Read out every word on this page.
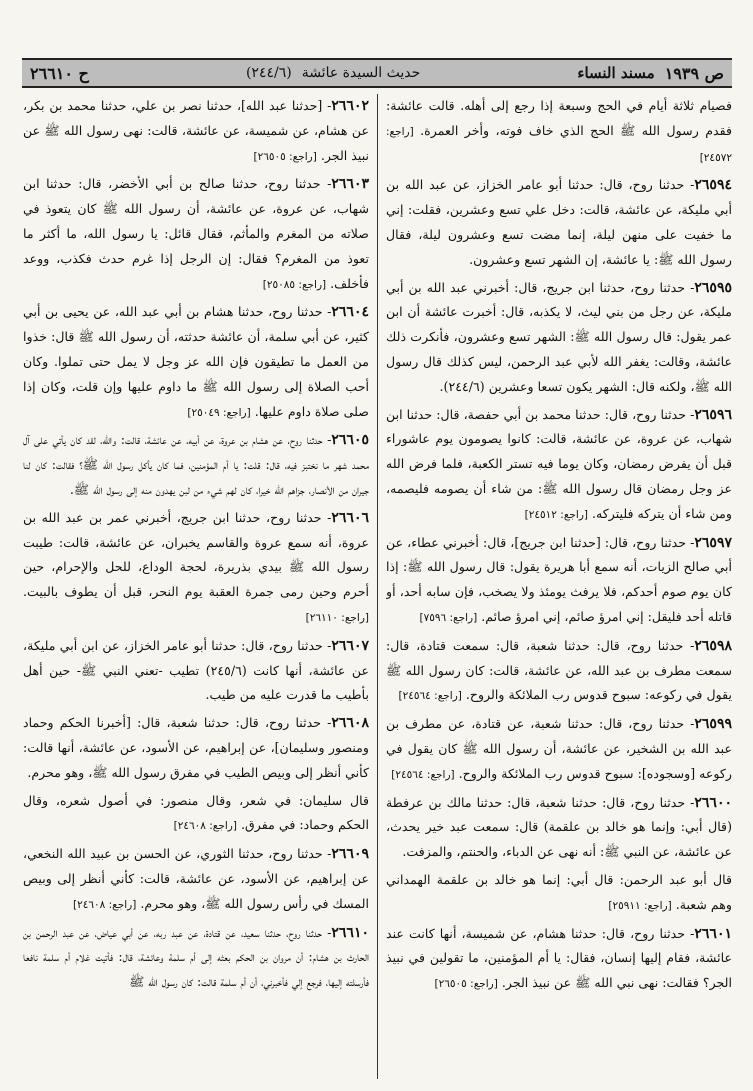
ص ١٩٣٩
مسند النساء
حديث السيدة عائشة
(٢٤٤/٦)
ح ٢٦٦١٠
فصيام ثلاثة أيام في الحج وسبعة إذا رجع إلى أهله. قالت عائشة: فقدم رسول الله ﷺ الحج الذي خاف فوته، وأخر العمرة. [راجع: ٢٤٥٧٢]
٢٦٥٩٤- حدثنا روح، قال: حدثنا أبو عامر الخزاز، عن عبد الله بن أبي مليكة، عن عائشة، قالت: دخل علي تسع وعشرين، فقلت: إني ما خفيت على منهن ليلة، إنما مضت تسع وعشرون ليلة، فقال رسول الله ﷺ: يا عائشة، إن الشهر تسع وعشرون.
٢٦٥٩٥- حدثنا روح، حدثنا ابن جريج، قال: أخبرني عبد الله بن أبي مليكة، عن رجل من بني ليث، لا يكذبه، قال: أخبرت عائشة أن ابن عمر يقول: قال رسول الله ﷺ: الشهر تسع وعشرون، فأنكرت ذلك عائشة، وقالت: يغفر الله لأبي عبد الرحمن، ليس كذلك قال رسول الله ﷺ، ولكنه قال: الشهر يكون تسعا وعشرين (٢٤٤/٦).
٢٦٥٩٦- حدثنا روح، قال: حدثنا محمد بن أبي حفصة، قال: حدثنا ابن شهاب، عن عروة، عن عائشة، قالت: كانوا يصومون يوم عاشوراء قبل أن يفرض رمضان، وكان يوما فيه تستر الكعبة، فلما فرض الله عز وجل رمضان قال رسول الله ﷺ: من شاء أن يصومه فليصمه، ومن شاء أن يتركه فليتركه. [راجع: ٢٤٥١٢]
٢٦٥٩٧- حدثنا روح، قال: [حدثنا ابن جريج]، قال: أخبرني عطاء، عن أبي صالح الزيات، أنه سمع أبا هريرة يقول: قال رسول الله ﷺ: إذا كان يوم صوم أحدكم، فلا يرفث يومئذ ولا يصخب، فإن سابه أحد، أو قاتله أحد فليقل: إني امرؤ صائم، إني امرؤ صائم. [راجع: ٧٥٩٦]
٢٦٥٩٨- حدثنا روح، قال: حدثنا شعبة، قال: سمعت قتادة، قال: سمعت مطرف بن عبد الله، عن عائشة، قالت: كان رسول الله ﷺ يقول في ركوعه: سبوح قدوس رب الملائكة والروح. [راجع: ٢٤٥٦٤]
٢٦٥٩٩- حدثنا روح، قال: حدثنا شعبة، عن قتادة، عن مطرف بن عبد الله بن الشخير، عن عائشة، أن رسول الله ﷺ كان يقول في ركوعه [وسجوده]: سبوح قدوس رب الملائكة والروح. [راجع: ٢٤٥٦٤]
٢٦٦٠٠- حدثنا روح، قال: حدثنا شعبة، قال: حدثنا مالك بن عرفطة (قال أبي: وإنما هو خالد بن علقمة) قال: سمعت عبد خير يحدث، عن عائشة، عن النبي ﷺ: أنه نهى عن الدباء، والحنتم، والمزفت.
قال أبو عبد الرحمن: قال أبي: إنما هو خالد بن علقمة الهمداني وهم شعبة. [راجع: ٢٥٩١١]
٢٦٦٠١- حدثنا روح، قال: حدثنا هشام، عن شميسة، أنها كانت عند عائشة، فقام إليها إنسان، فقال: يا أم المؤمنين، ما تقولين في نبيذ الجر؟ فقالت: نهى نبي الله ﷺ عن نبيذ الجر. [راجع: ٢٦٥٠٥]
٢٦٦٠٢- [حدثنا عبد الله]، حدثنا نصر بن علي، حدثنا محمد بن بكر، عن هشام، عن شميسة، عن عائشة، قالت: نهى رسول الله ﷺ عن نبيذ الجر. [راجع: ٢٦٥٠٥]
٢٦٦٠٣- حدثنا روح، حدثنا صالح بن أبي الأخضر، قال: حدثنا ابن شهاب، عن عروة، عن عائشة، أن رسول الله ﷺ كان يتعوذ في صلاته من المغرم والمأثم، فقال قائل: يا رسول الله، ما أكثر ما تعوذ من المغرم؟ فقال: إن الرجل إذا غرم حدث فكذب، ووعد فأخلف. [راجع: ٢٥٠٨٥]
٢٦٦٠٤- حدثنا روح، حدثنا هشام بن أبي عبد الله، عن يحيى بن أبي كثير، عن أبي سلمة، أن عائشة حدثته، أن رسول الله ﷺ قال: خذوا من العمل ما تطيقون فإن الله عز وجل لا يمل حتى تملوا. وكان أحب الصلاة إلى رسول الله ﷺ ما داوم عليها وإن قلت، وكان إذا صلى صلاة داوم عليها. [راجع: ٢٥٠٤٩]
٢٦٦٠٥- حدثنا روح، عن هشام بن عروة، عن أبيه، عن عائشة، قالت: والله، لقد كان يأتي على آل محمد شهر ما نختبز فيه، قال: قلت: يا أم المؤمنين، فما كان يأكل رسول الله ﷺ؟ فقالت: كان لنا جيران من الأنصار، جزاهم الله خيرا، كان لهم شيء من لبن يهدون منه إلى رسول الله ﷺ.
٢٦٦٠٦- حدثنا روح، حدثنا ابن جريج، أخبرني عمر بن عبد الله بن عروة، أنه سمع عروة والقاسم يخبران، عن عائشة، قالت: طيبت رسول الله ﷺ بيدي بذريرة، لحجة الوداع، للحل والإحرام، حين أحرم وحين رمى جمرة العقبة يوم النحر، قبل أن يطوف بالبيت. [راجع: ٢٦١١٠]
٢٦٦٠٧- حدثنا روح، قال: حدثنا أبو عامر الخزاز، عن ابن أبي مليكة، عن عائشة، أنها كانت (٢٤٥/٦) تطيب -تعني النبي ﷺ- حين أهل بأطيب ما قدرت عليه من طيب.
٢٦٦٠٨- حدثنا روح، قال: حدثنا شعبة، قال: [أخبرنا الحكم وحماد ومنصور وسليمان]، عن إبراهيم، عن الأسود، عن عائشة، أنها قالت: كأني أنظر إلى وبيص الطيب في مفرق رسول الله ﷺ، وهو محرم.
قال سليمان: في شعر، وقال منصور: في أصول شعره، وقال الحكم وحماد: في مفرق. [راجع: ٢٤٦٠٨]
٢٦٦٠٩- حدثنا روح، حدثنا الثوري، عن الحسن بن عبيد الله النخعي، عن إبراهيم، عن الأسود، عن عائشة، قالت: كأني أنظر إلى وبيص المسك في رأس رسول الله ﷺ، وهو محرم. [راجع: ٢٤٦٠٨]
٢٦٦١٠- حدثنا روح، حدثنا سعيد، عن قتادة، عن عبد ربه، عن أبي عياض، عن عبد الرحمن بن الحارث بن هشام: أن مروان بن الحكم بعثه إلى أم سلمة وعائشة، قال: فأتيت غلام أم سلمة نافعا فأرسلته إليها، فرجع إلي فأخبرني، أن أم سلمة قالت: كان رسول الله ﷺ
